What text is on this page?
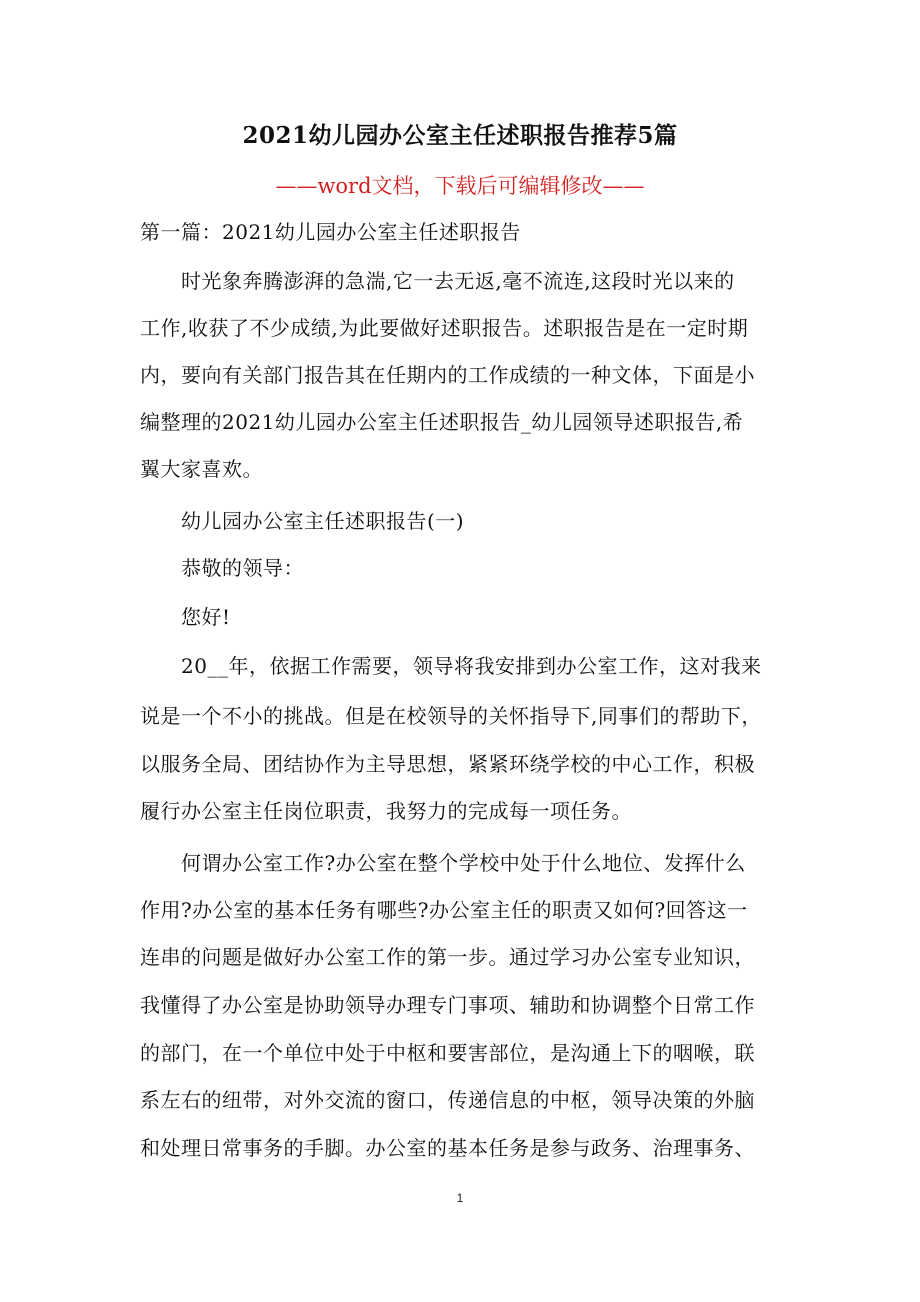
2021幼儿园办公室主任述职报告推荐5篇
——word文档，下载后可编辑修改——
第一篇：2021幼儿园办公室主任述职报告
　　时光象奔腾澎湃的急湍,它一去无返,毫不流连,这段时光以来的
工作,收获了不少成绩,为此要做好述职报告。述职报告是在一定时期
内，要向有关部门报告其在任期内的工作成绩的一种文体，下面是小
编整理的2021幼儿园办公室主任述职报告_幼儿园领导述职报告,希
翼大家喜欢。
　　幼儿园办公室主任述职报告(一)
　　恭敬的领导：
　　您好!
　　20__年，依据工作需要，领导将我安排到办公室工作，这对我来
说是一个不小的挑战。但是在校领导的关怀指导下,同事们的帮助下，
以服务全局、团结协作为主导思想，紧紧环绕学校的中心工作，积极
履行办公室主任岗位职责，我努力的完成每一项任务。
　　何谓办公室工作?办公室在整个学校中处于什么地位、发挥什么
作用?办公室的基本任务有哪些?办公室主任的职责又如何?回答这一
连串的问题是做好办公室工作的第一步。通过学习办公室专业知识，
我懂得了办公室是协助领导办理专门事项、辅助和协调整个日常工作
的部门，在一个单位中处于中枢和要害部位，是沟通上下的咽喉，联
系左右的纽带，对外交流的窗口，传递信息的中枢，领导决策的外脑
和处理日常事务的手脚。办公室的基本任务是参与政务、治理事务、
1
